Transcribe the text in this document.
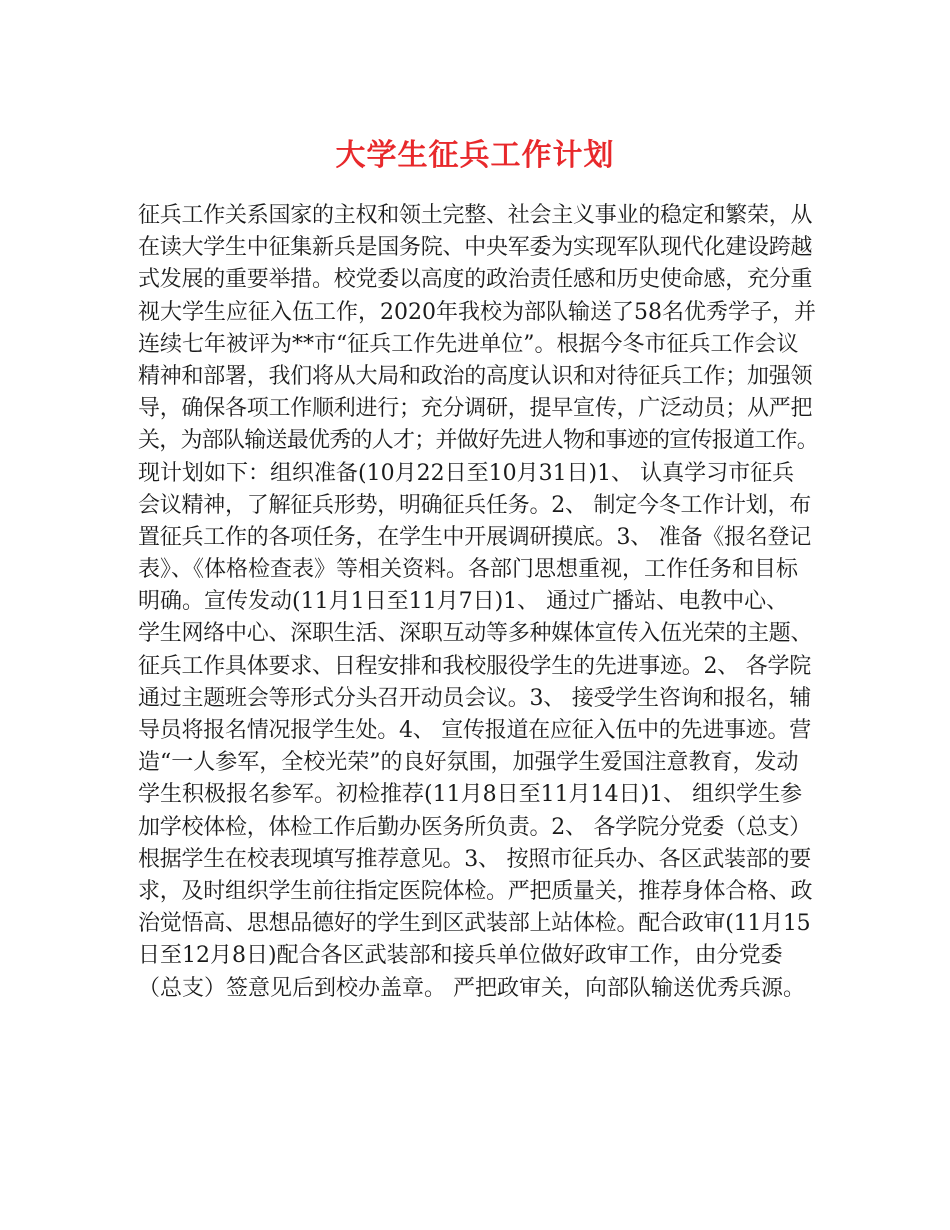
大学生征兵工作计划
征兵工作关系国家的主权和领土完整、社会主义事业的稳定和繁荣，从
在读大学生中征集新兵是国务院、中央军委为实现军队现代化建设跨越
式发展的重要举措。校党委以高度的政治责任感和历史使命感，充分重
视大学生应征入伍工作，2020年我校为部队输送了58名优秀学子，并
连续七年被评为**市“征兵工作先进单位”。根据今冬市征兵工作会议
精神和部署，我们将从大局和政治的高度认识和对待征兵工作；加强领
导，确保各项工作顺利进行；充分调研，提早宣传，广泛动员；从严把
关，为部队输送最优秀的人才；并做好先进人物和事迹的宣传报道工作。
现计划如下：组织准备(10月22日至10月31日)1、 认真学习市征兵
会议精神，了解征兵形势，明确征兵任务。2、 制定今冬工作计划，布
置征兵工作的各项任务，在学生中开展调研摸底。3、 准备《报名登记
表》、《体格检查表》等相关资料。各部门思想重视，工作任务和目标
明确。宣传发动(11月1日至11月7日)1、 通过广播站、电教中心、
学生网络中心、深职生活、深职互动等多种媒体宣传入伍光荣的主题、
征兵工作具体要求、日程安排和我校服役学生的先进事迹。2、 各学院
通过主题班会等形式分头召开动员会议。3、 接受学生咨询和报名，辅
导员将报名情况报学生处。4、 宣传报道在应征入伍中的先进事迹。营
造“一人参军，全校光荣”的良好氛围，加强学生爱国注意教育，发动
学生积极报名参军。初检推荐(11月8日至11月14日)1、 组织学生参
加学校体检，体检工作后勤办医务所负责。2、 各学院分党委（总支）
根据学生在校表现填写推荐意见。3、 按照市征兵办、各区武装部的要
求，及时组织学生前往指定医院体检。严把质量关，推荐身体合格、政
治觉悟高、思想品德好的学生到区武装部上站体检。配合政审(11月15
日至12月8日)配合各区武装部和接兵单位做好政审工作，由分党委
（总支）签意见后到校办盖章。 严把政审关，向部队输送优秀兵源。
